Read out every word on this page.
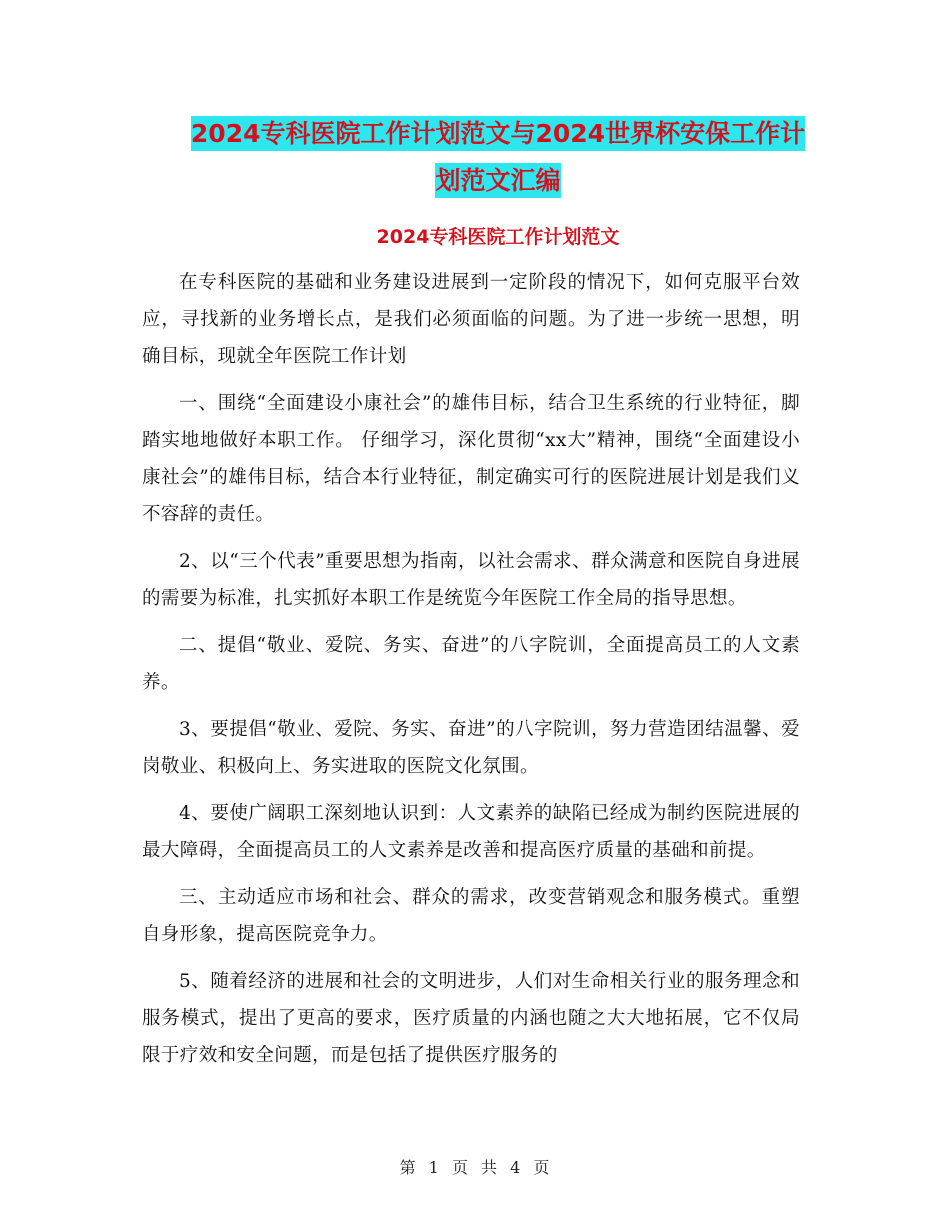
2024专科医院工作计划范文与2024世界杯安保工作计
划范文汇编
2024专科医院工作计划范文

在专科医院的基础和业务建设进展到一定阶段的情况下，如何克服平台效应，寻找新的业务增长点，是我们必须面临的问题。为了进一步统一思想，明确目标，现就全年医院工作计划

一、围绕“全面建设小康社会”的雄伟目标，结合卫生系统的行业特征，脚踏实地地做好本职工作。 仔细学习，深化贯彻“xx大”精神，围绕“全面建设小康社会”的雄伟目标，结合本行业特征，制定确实可行的医院进展计划是我们义不容辞的责任。

2、以“三个代表”重要思想为指南，以社会需求、群众满意和医院自身进展的需要为标准，扎实抓好本职工作是统览今年医院工作全局的指导思想。

二、提倡“敬业、爱院、务实、奋进”的八字院训，全面提高员工的人文素养。

3、要提倡“敬业、爱院、务实、奋进”的八字院训，努力营造团结温馨、爱岗敬业、积极向上、务实进取的医院文化氛围。

4、要使广阔职工深刻地认识到：人文素养的缺陷已经成为制约医院进展的最大障碍，全面提高员工的人文素养是改善和提高医疗质量的基础和前提。

三、主动适应市场和社会、群众的需求，改变营销观念和服务模式。重塑自身形象，提高医院竞争力。

5、随着经济的进展和社会的文明进步，人们对生命相关行业的服务理念和服务模式，提出了更高的要求，医疗质量的内涵也随之大大地拓展，它不仅局限于疗效和安全问题，而是包括了提供医疗服务的

第 1 页 共 4 页
